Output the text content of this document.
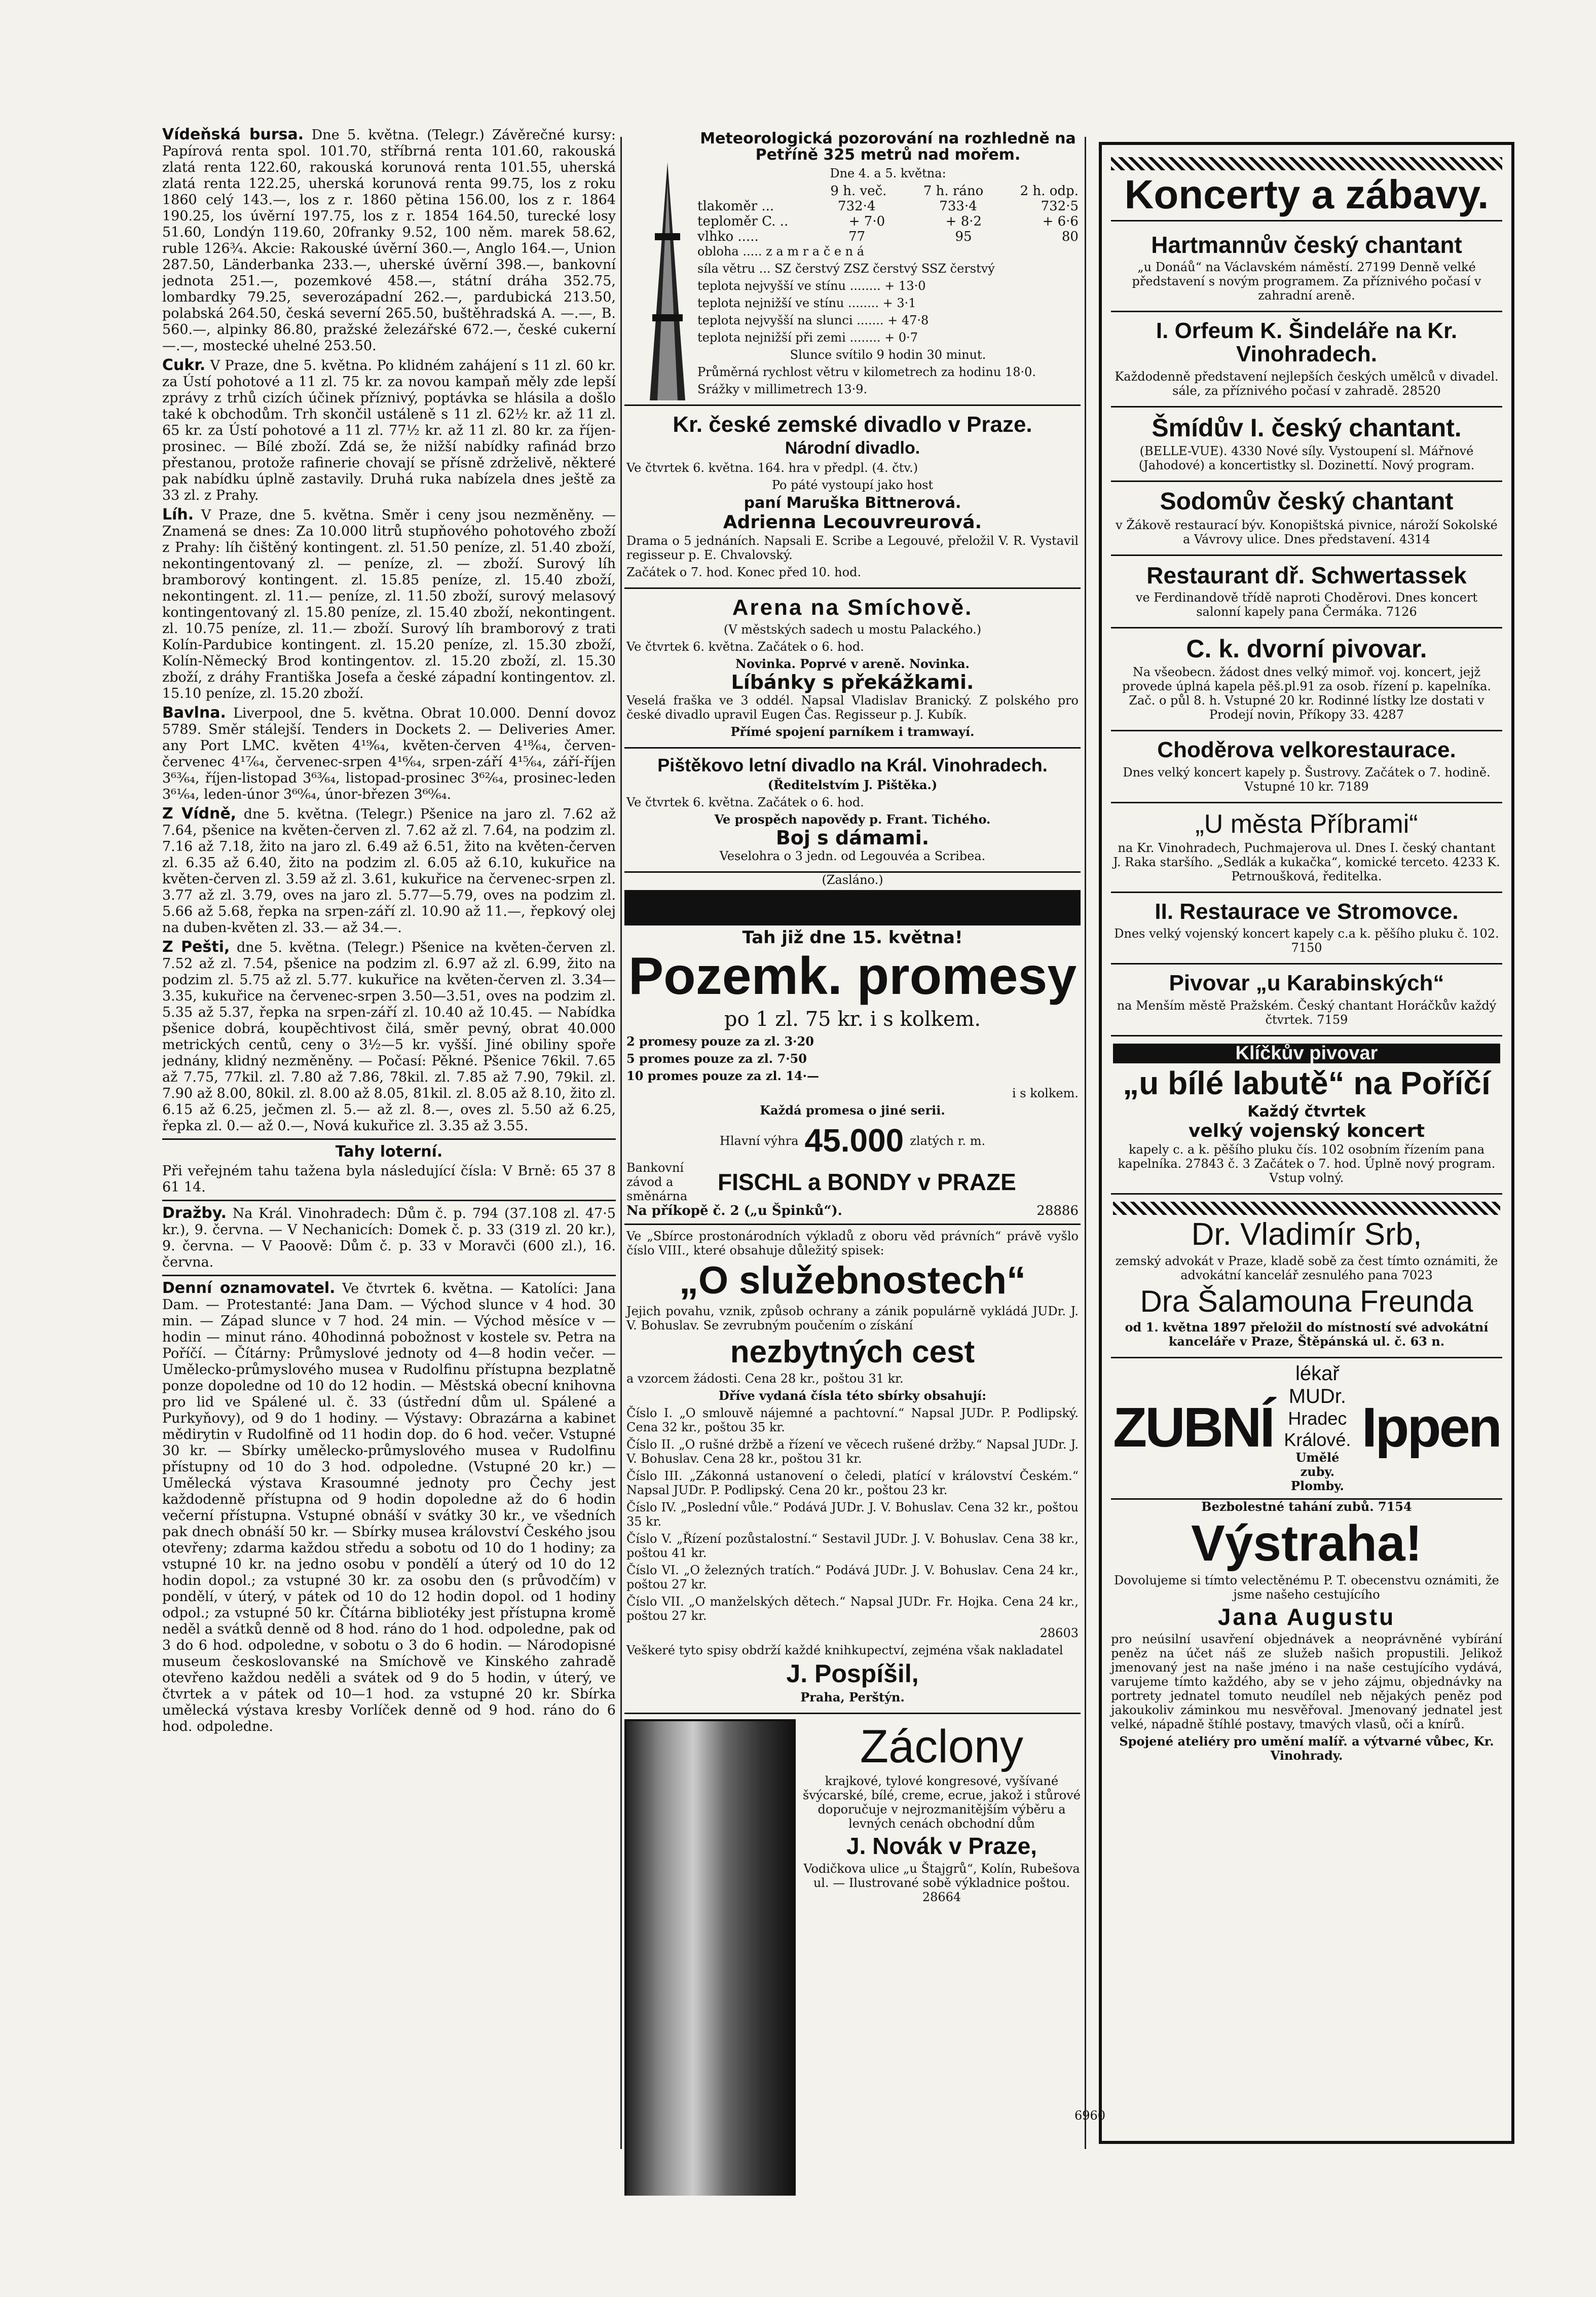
Vídeňská bursa. Dne 5. května. (Telegr.) Závěrečné kursy: Papírová renta spol. 101.70, stříbrná renta 101.60, rakouská zlatá renta 122.60, rakouská korunová renta 101.55, uherská zlatá renta 122.25, uherská korunová renta 99.75, los z roku 1860 celý 143.—, los z r. 1860 pětina 156.00, los z r. 1864 190.25, los úvěrní 197.75, los z r. 1854 164.50, turecké losy 51.60, Londýn 119.60, 20franky 9.52, 100 něm. marek 58.62, ruble 126¾. Akcie: Rakouské úvěrní 360.—, Anglo 164.—, Union 287.50, Länderbanka 233.—, uherské úvěrní 398.—, bankovní jednota 251.—, pozemkové 458.—, státní dráha 352.75, lombardky 79.25, severozápadní 262.—, pardubická 213.50, polabská 264.50, česká severní 265.50, buštěhradská A. —.—, B. 560.—, alpinky 86.80, pražské železářské 672.—, české cukerní —.—, mostecké uhelné 253.50.

Cukr. V Praze, dne 5. května. Po klidném zahájení s 11 zl. 60 kr. za Ústí pohotové a 11 zl. 75 kr. za novou kampaň měly zde lepší zprávy z trhů cizích účinek příznivý, poptávka se hlásila a došlo také k obchodům. Trh skončil ustáleně s 11 zl. 62½ kr. až 11 zl. 65 kr. za Ústí pohotové a 11 zl. 77½ kr. až 11 zl. 80 kr. za říjen-prosinec. — Bílé zboží. Zdá se, že nižší nabídky rafinád brzo přestanou, protože rafinerie chovají se přísně zdrželivě, některé pak nabídku úplně zastavily. Druhá ruka nabízela dnes ještě za 33 zl. z Prahy.

Líh. V Praze, dne 5. května. Směr i ceny jsou nezměněny. — Znamená se dnes: Za 10.000 litrů stupňového pohotového zboží z Prahy: líh čištěný kontingent. zl. 51.50 peníze, zl. 51.40 zboží, nekontingentovaný zl. — peníze, zl. — zboží. Surový líh bramborový kontingent. zl. 15.85 peníze, zl. 15.40 zboží, nekontingent. zl. 11.— peníze, zl. 11.50 zboží, surový melasový kontingentovaný zl. 15.80 peníze, zl. 15.40 zboží, nekontingent. zl. 10.75 peníze, zl. 11.— zboží. Surový líh bramborový z trati Kolín-Pardubice kontingent. zl. 15.20 peníze, zl. 15.30 zboží, Kolín-Německý Brod kontingentov. zl. 15.20 zboží, zl. 15.30 zboží, z dráhy Františka Josefa a české západní kontingentov. zl. 15.10 peníze, zl. 15.20 zboží.

Bavlna. Liverpool, dne 5. května. Obrat 10.000. Denní dovoz 5789. Směr stálejší. Tenders in Dockets 2. — Deliveries Amer. any Port LMC. květen 4¹⁹⁄₆₄, květen-červen 4¹⁸⁄₆₄, červen-červenec 4¹⁷⁄₆₄, červenec-srpen 4¹⁶⁄₆₄, srpen-září 4¹⁵⁄₆₄, září-říjen 3⁶³⁄₆₄, říjen-listopad 3⁶³⁄₆₄, listopad-prosinec 3⁶²⁄₆₄, prosinec-leden 3⁶¹⁄₆₄, leden-únor 3⁶⁰⁄₆₄, únor-březen 3⁶⁰⁄₆₄.

Z Vídně, dne 5. května. (Telegr.) Pšenice na jaro zl. 7.62 až 7.64, pšenice na květen-červen zl. 7.62 až zl. 7.64, na podzim zl. 7.16 až 7.18, žito na jaro zl. 6.49 až 6.51, žito na květen-červen zl. 6.35 až 6.40, žito na podzim zl. 6.05 až 6.10, kukuřice na květen-červen zl. 3.59 až zl. 3.61, kukuřice na červenec-srpen zl. 3.77 až zl. 3.79, oves na jaro zl. 5.77—5.79, oves na podzim zl. 5.66 až 5.68, řepka na srpen-září zl. 10.90 až 11.—, řepkový olej na duben-květen zl. 33.— až 34.—.

Z Pešti, dne 5. května. (Telegr.) Pšenice na květen-červen zl. 7.52 až zl. 7.54, pšenice na podzim zl. 6.97 až zl. 6.99, žito na podzim zl. 5.75 až zl. 5.77. kukuřice na květen-červen zl. 3.34—3.35, kukuřice na červenec-srpen 3.50—3.51, oves na podzim zl. 5.35 až 5.37, řepka na srpen-září zl. 10.40 až 10.45. — Nabídka pšenice dobrá, koupěchtivost čilá, směr pevný, obrat 40.000 metrických centů, ceny o 3½—5 kr. vyšší. Jiné obiliny spoře jednány, klidný nezměněny. — Počasí: Pěkné. Pšenice 76kil. 7.65 až 7.75, 77kil. zl. 7.80 až 7.86, 78kil. zl. 7.85 až 7.90, 79kil. zl. 7.90 až 8.00, 80kil. zl. 8.00 až 8.05, 81kil. zl. 8.05 až 8.10, žito zl. 6.15 až 6.25, ječmen zl. 5.— až zl. 8.—, oves zl. 5.50 až 6.25, řepka zl. 0.— až 0.—, Nová kukuřice zl. 3.35 až 3.55.

Tahy loterní.

Při veřejném tahu tažena byla následující čísla: V Brně: 65 37 8 61 14.

Dražby. Na Král. Vinohradech: Dům č. p. 794 (37.108 zl. 47·5 kr.), 9. června. — V Nechanicích: Domek č. p. 33 (319 zl. 20 kr.), 9. června. — V Paoově: Dům č. p. 33 v Moravči (600 zl.), 16. června.

Denní oznamovatel. Ve čtvrtek 6. května. — Katolíci: Jana Dam. — Protestanté: Jana Dam. — Východ slunce v 4 hod. 30 min. — Západ slunce v 7 hod. 24 min. — Východ měsíce v — hodin — minut ráno. 40hodinná pobožnost v kostele sv. Petra na Poříčí. — Čítárny: Průmyslové jednoty od 4—8 hodin večer. — Umělecko-průmyslového musea v Rudolfinu přístupna bezplatně ponze dopoledne od 10 do 12 hodin. — Městská obecní knihovna pro lid ve Spálené ul. č. 33 (ústřední dům ul. Spálené a Purkyňovy), od 9 do 1 hodiny. — Výstavy: Obrazárna a kabinet mědirytin v Rudolfině od 11 hodin dop. do 6 hod. večer. Vstupné 30 kr. — Sbírky umělecko-průmyslového musea v Rudolfinu přístupny od 10 do 3 hod. odpoledne. (Vstupné 20 kr.) — Umělecká výstava Krasoumné jednoty pro Čechy jest každodenně přístupna od 9 hodin dopoledne až do 6 hodin večerní přístupna. Vstupné obnáší v svátky 30 kr., ve všedních pak dnech obnáší 50 kr. — Sbírky musea království Českého jsou otevřeny; zdarma každou středu a sobotu od 10 do 1 hodiny; za vstupné 10 kr. na jedno osobu v pondělí a úterý od 10 do 12 hodin dopol.; za vstupné 30 kr. za osobu den (s průvodčím) v pondělí, v úterý, v pátek od 10 do 12 hodin dopol. od 1 hodiny odpol.; za vstupné 50 kr. Čítárna bibliotéky jest přístupna kromě neděl a svátků denně od 8 hod. ráno do 1 hod. odpoledne, pak od 3 do 6 hod. odpoledne, v sobotu o 3 do 6 hodin. — Národopisné museum českoslovanské na Smíchově ve Kinského zahradě otevřeno každou neděli a svátek od 9 do 5 hodin, v úterý, ve čtvrtek a v pátek od 10—1 hod. za vstupné 20 kr. Sbírka umělecká výstava kresby Vorlíček denně od 9 hod. ráno do 6 hod. odpoledne.

Meteorologická pozorování na rozhledně na Petříně 325 metrů nad mořem.

Dne 4. a 5. května:

9 h. več.	7 h. ráno	2 h. odp.
tlakoměr ...	732·4	733·4	732·5
teploměr C. ..	+ 7·0	+ 8·2	+ 6·6
vlhko .....	77	95	80

obloha ..... z a m r a č e n á

síla větru ... SZ čerstvý ZSZ čerstvý SSZ čerstvý

teplota nejvyšší ve stínu ........ + 13·0

teplota nejnižší ve stínu ........ + 3·1

teplota nejvyšší na slunci ....... + 47·8

teplota nejnižší při zemi ........ + 0·7

Slunce svítilo 9 hodin 30 minut.

Průměrná rychlost větru v kilometrech za hodinu 18·0.

Srážky v millimetrech 13·9.

Kr. české zemské divadlo v Praze.
Národní divadlo.

Ve čtvrtek 6. května. 164. hra v předpl. (4. čtv.)

Po páté vystoupí jako host

paní Maruška Bittnerová.

Adrienna Lecouvreurová.

Drama o 5 jednáních. Napsali E. Scribe a Legouvé, přeložil V. R. Vystavil regisseur p. E. Chvalovský.

Začátek o 7. hod. Konec před 10. hod.

Arena na Smíchově.

(V městských sadech u mostu Palackého.)

Ve čtvrtek 6. května. Začátek o 6. hod.

Novinka. Poprvé v areně. Novinka.

Líbánky s překážkami.

Veselá fraška ve 3 oddél. Napsal Vladislav Branický. Z polského pro české divadlo upravil Eugen Čas. Regisseur p. J. Kubík.

Přímé spojení parníkem i tramwayí.

Pištěkovo letní divadlo na Král. Vinohradech.

(Ředitelstvím J. Pištěka.)

Ve čtvrtek 6. května. Začátek o 6. hod.

Ve prospěch napovědy p. Frant. Tichého.

Boj s dámami.

Veselohra o 3 jedn. od Legouvéa a Scribea.

(Zasláno.)

Tah již dne 15. května!

Pozemk. promesy

po 1 zl. 75 kr. i s kolkem.

2 promesy pouze za zl. 3·20

5 promes pouze za zl. 7·50

10 promes pouze za zl. 14·—

i s kolkem.

Každá promesa o jiné serii.

Hlavní výhra 45.000 zlatých r. m.
Bankovní závod a směnárna
FISCHL a BONDY v PRAZE
Na příkopě č. 2 („u Špinků“).	28886

Ve „Sbírce prostonárodních výkladů z oboru věd právních“ právě vyšlo číslo VIII., které obsahuje důležitý spisek:

„O služebnostech“

Jejich povahu, vznik, způsob ochrany a zánik populárně vykládá JUDr. J. V. Bohuslav. Se zevrubným poučením o získání

nezbytných cest

a vzorcem žádosti. Cena 28 kr., poštou 31 kr.

Dříve vydaná čísla této sbírky obsahují:

Číslo I. „O smlouvě nájemné a pachtovní.“ Napsal JUDr. P. Podlipský. Cena 32 kr., poštou 35 kr.

Číslo II. „O rušné držbě a řízení ve věcech rušené držby.“ Napsal JUDr. J. V. Bohuslav. Cena 28 kr., poštou 31 kr.

Číslo III. „Zákonná ustanovení o čeledi, platící v království Českém.“ Napsal JUDr. P. Podlipský. Cena 20 kr., poštou 23 kr.

Číslo IV. „Poslední vůle.“ Podává JUDr. J. V. Bohuslav. Cena 32 kr., poštou 35 kr.

Číslo V. „Řízení pozůstalostní.“ Sestavil JUDr. J. V. Bohuslav. Cena 38 kr., poštou 41 kr.

Číslo VI. „O železných tratích.“ Podává JUDr. J. V. Bohuslav. Cena 24 kr., poštou 27 kr.

Číslo VII. „O manželských dětech.“ Napsal JUDr. Fr. Hojka. Cena 24 kr., poštou 27 kr.

28603

Veškeré tyto spisy obdrží každé knihkupectví, zejména však nakladatel

J. Pospíšil,

Praha, Perštýn.

Záclony

krajkové, tylové kongresové, vyšívané švýcarské, bílé, creme, ecrue, jakož i stůrové doporučuje v nejrozmanitějším výběru a levných cenách obchodní dům

J. Novák v Praze,

Vodičkova ulice „u Štajgrů“, Kolín, Rubešova ul. — Ilustrované sobě výkladnice poštou. 28664

Koncerty a zábavy.
Hartmannův český chantant

„u Donáů“ na Václavském náměstí. 27199 Denně velké představení s novým programem. Za příznivého počasí v zahradní areně.

I. Orfeum K. Šindeláře na Kr. Vinohradech.

Každodenně představení nejlepších českých umělců v divadel. sále, za příznivého počasí v zahradě. 28520

Šmídův I. český chantant.

(BELLE-VUE). 4330 Nové síly. Vystoupení sl. Mářnové (Jahodové) a koncertistky sl. Dozinettí. Nový program.

Sodomův český chantant

v Žákově restaurací býv. Konopištská pivnice, nároží Sokolské a Vávrovy ulice. Dnes představení. 4314

Restaurant dř. Schwertassek

ve Ferdinandově třídě naproti Choděrovi. Dnes koncert salonní kapely pana Čermáka. 7126

C. k. dvorní pivovar.

Na všeobecn. žádost dnes velký mimoř. voj. koncert, jejž provede úplná kapela pěš.pl.91 za osob. řízení p. kapelníka. Zač. o půl 8. h. Vstupné 20 kr. Rodinné lístky lze dostati v Prodejí novin, Příkopy 33. 4287

Choděrova velkorestaurace.

Dnes velký koncert kapely p. Šustrovy. Začátek o 7. hodině. Vstupné 10 kr. 7189

„U města Příbrami“

na Kr. Vinohradech, Puchmajerova ul. Dnes I. český chantant J. Raka staršího. „Sedlák a kukačka“, komické terceto. 4233 K. Petrnoušková, ředitelka.

II. Restaurace ve Stromovce.

Dnes velký vojenský koncert kapely c.a k. pěšího pluku č. 102. 7150

Pivovar „u Karabinských“

na Menším městě Pražském. Český chantant Horáčkův každý čtvrtek. 7159

Klíčkův pivovar
„u bílé labutě“ na Poříčí

Každý čtvrtek

velký vojenský koncert

kapely c. a k. pěšího pluku čís. 102 osobním řízením pana kapelníka. 27843 č. 3 Začátek o 7. hod. Úplně nový program. Vstup volný.

Dr. Vladimír Srb,

zemský advokát v Praze, kladě sobě za čest tímto oznámiti, že advokátní kancelář zesnulého pana 7023

Dra Šalamouna Freunda

od 1. května 1897 přeložil do místností své advokátní kanceláře v Praze, Štěpánská ul. č. 63 n.

ZUBNÍ
lékař MUDr.
Hradec Králové.
Umělé zuby. Plomby.
Ippen

Bezbolestné tahání zubů. 7154

Výstraha!

Dovolujeme si tímto velectěnému P. T. obecenstvu oznámiti, že jsme našeho cestujícího

Jana Augustu

pro neúsilní usavření objednávek a neoprávněné vybírání peněz na účet náš ze služeb našich propustili. Jelikož jmenovaný jest na naše jméno i na naše cestujícího vydává, varujeme tímto každého, aby se v jeho zájmu, objednávky na portrety jednatel tomuto neudílel neb nějakých peněz pod jakoukoliv záminkou mu nesvěřoval. Jmenovaný jednatel jest velké, nápadně štíhlé postavy, tmavých vlasů, oči a knírů.

Spojené ateliéry pro umění malíř. a výtvarné vůbec, Kr. Vinohrady.

6960
